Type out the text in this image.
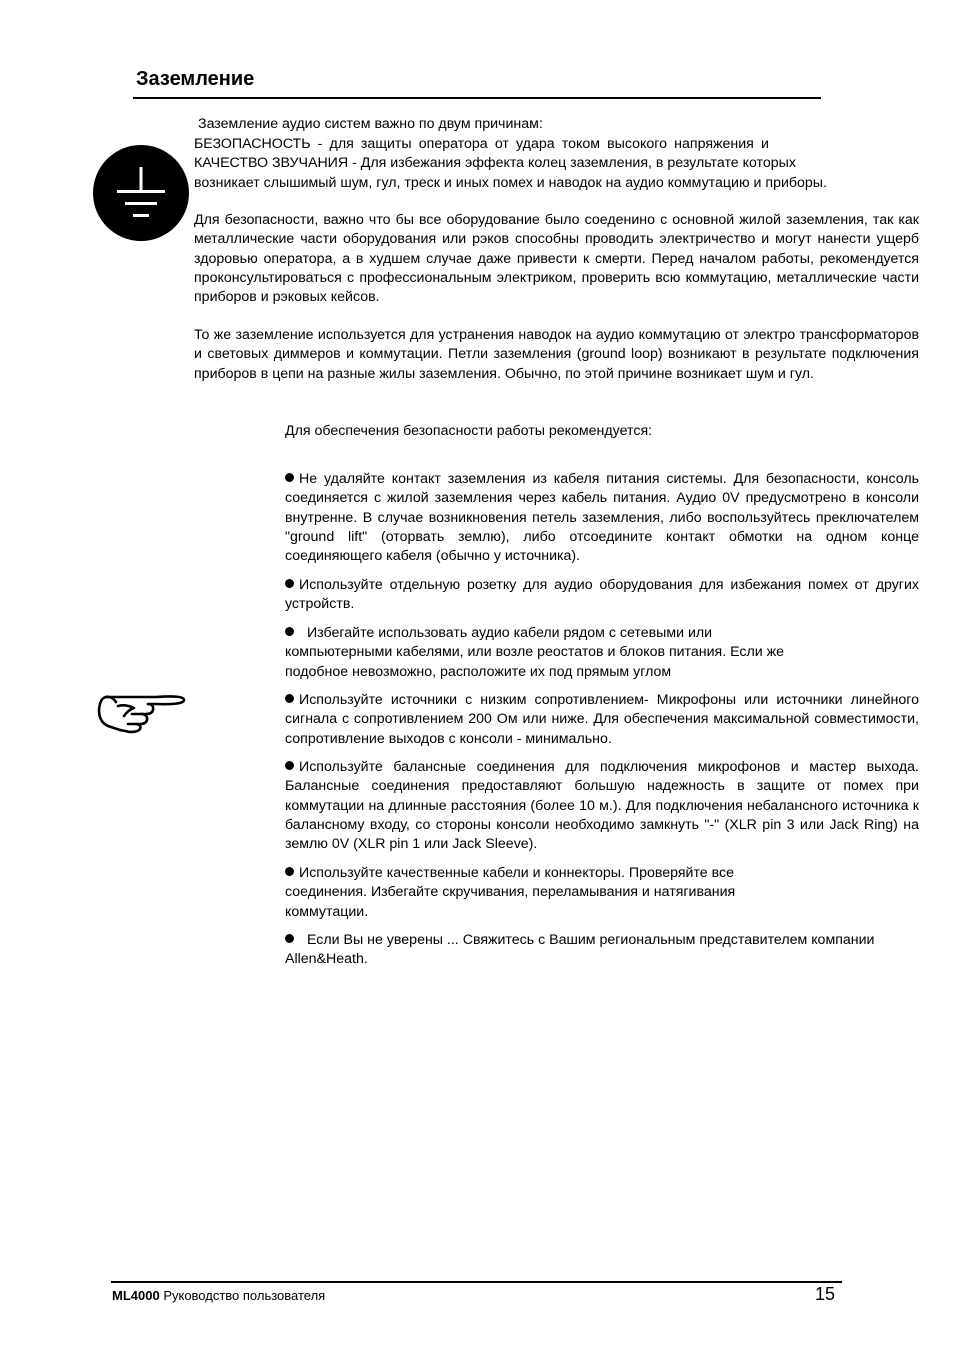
Заземление
Заземление аудио систем важно по двум причинам:
БЕЗОПАСНОСТЬ - для защиты оператора от удара током высокого напряжения и
КАЧЕСТВО ЗВУЧАНИЯ - Для избежания эффекта колец заземления, в результате которых
возникает слышимый шум, гул, треск и иных помех и наводок на аудио коммутацию и приборы.
Для безопасности, важно что бы все оборудование было соеденино с основной жилой заземления, так как металлические части оборудования или рэков способны проводить электричество и могут нанести ущерб здоровью оператора, а в худшем случае даже привести к смерти. Перед началом работы, рекомендуется проконсультироваться с профессиональным электриком, проверить всю коммутацию, металлические части приборов и рэковых кейсов.
То же заземление используется для устранения наводок на аудио коммутацию от электро трансформаторов и световых диммеров и коммутации. Петли заземления (ground loop) возникают в результате подключения приборов в цепи на разные жилы заземления. Обычно, по этой причине возникает шум и гул.
Для обеспечения безопасности работы рекомендуется:
Не удаляйте контакт заземления из кабеля питания системы. Для безопасности, консоль соединяется с жилой заземления через кабель питания. Аудио 0V предусмотрено в консоли внутренне. В случае возникновения петель заземления, либо воспользуйтесь преключателем "ground lift" (оторвать землю), либо отсоедините контакт обмотки на одном конце соединяющего кабеля (обычно у источника).
Используйте отдельную розетку для аудио оборудования для избежания помех от других устройств.
Избегайте использовать аудио кабели рядом с сетевыми или компьютерными кабелями, или возле реостатов и блоков питания. Если же подобное невозможно, расположите их под прямым углом
Используйте источники с низким сопротивлением- Микрофоны или источники линейного сигнала с сопротивлением 200 Ом или ниже. Для обеспечения максимальной совместимости, сопротивление выходов с консоли - минимально.
Используйте балансные соединения для подключения микрофонов и мастер выхода. Балансные соединения предоставляют большую надежность в защите от помех при коммутации на длинные расстояния (более 10 м.). Для подключения небалансного источника к балансному входу, со стороны консоли необходимо замкнуть "-" (XLR pin 3 или Jack Ring) на землю 0V (XLR pin 1 или Jack Sleeve).
Используйте качественные кабели и коннекторы. Проверяйте все соединения. Избегайте скручивания, переламывания и натягивания коммутации.
Если Вы не уверены ... Свяжитесь с Вашим региональным представителем компании Allen&Heath.
ML4000 Руководство пользователя	15
